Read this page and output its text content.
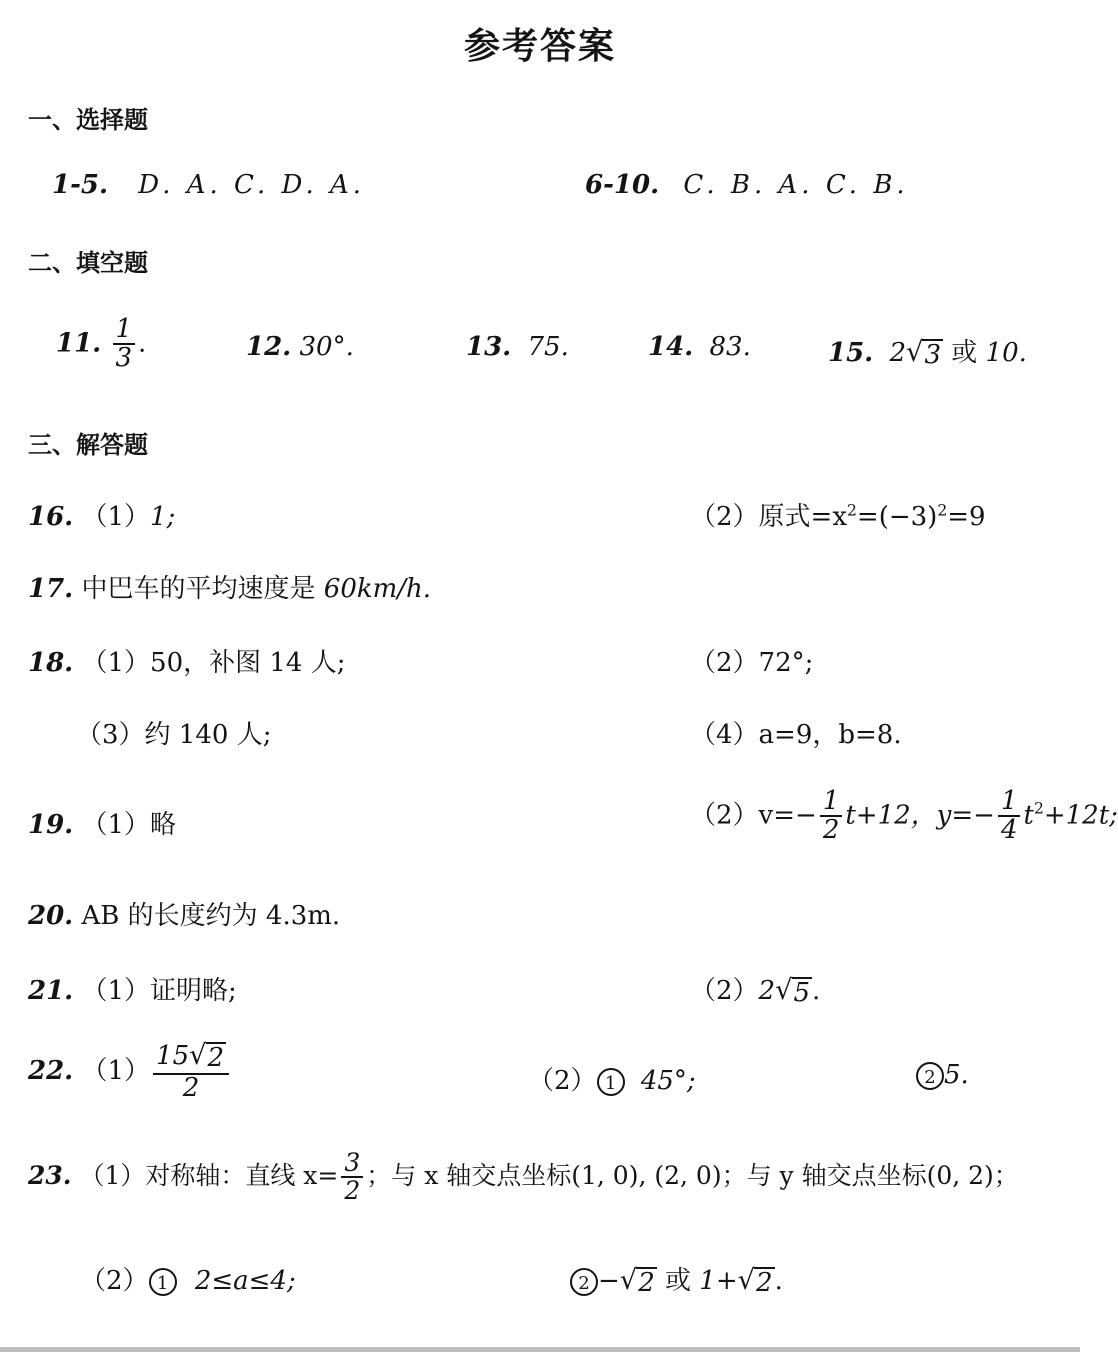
参考答案
一、选择题
1-5. D. A. C. D. A.	6-10. C. B. A. C. B.
二、填空题
11. $\frac{1}{3}$ .	12. 30°.	13. 75.	14. 83.	15. 2 √ 3 或 10.
三、解答题
16. （1）1;	（2）原式$=x^2=(-3)^2=9$
17. 中巴车的平均速度是 60km/h.
18. （1）50，补图 14 人;	（2）72°;
（3）约 140 人;	（4）a=9，b=8.
19. （1）略	$(2)v=- \frac{1}{2} t+12$，$y=- \frac{1}{4} t^2+12t$;
20. AB 的长度约为 4.3m.
21. （1）证明略;	（2）2 √ 5 .
22. $(1) \frac{15 √ 2}{2}$	（2） 1 45°;	2 5.
23. （1）对称轴：直线 $x= \frac{3}{2}$ ；与 x 轴交点坐标(1, 0), (2, 0)；与 y 轴交点坐标(0, 2)；
（2） 1 2≤a≤4;	2 − √ 2 或 1+ √ 2 .
